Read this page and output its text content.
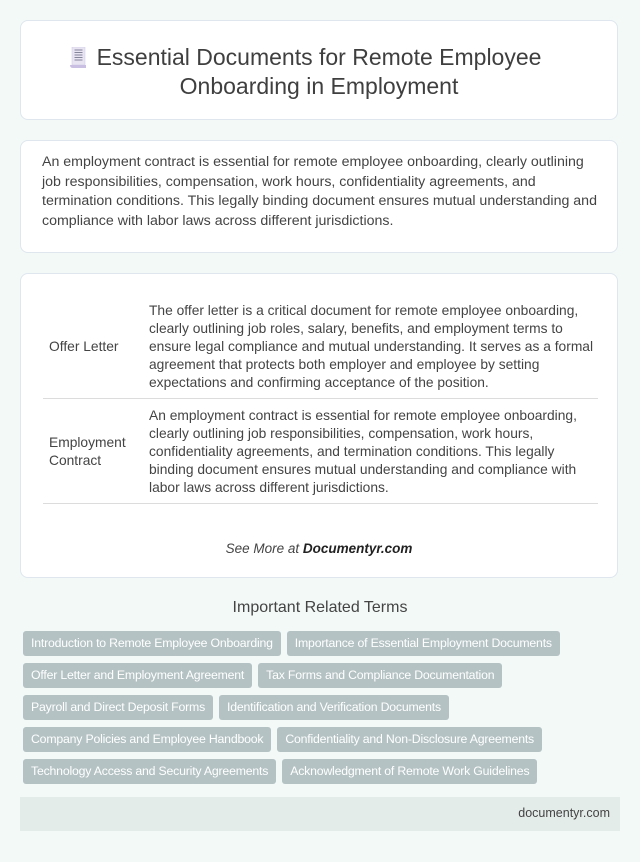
Essential Documents for Remote Employee
Onboarding in Employment
An employment contract is essential for remote employee onboarding, clearly outlining job responsibilities, compensation, work hours, confidentiality agreements, and termination conditions. This legally binding document ensures mutual understanding and compliance with labor laws across different jurisdictions.
Offer Letter	The offer letter is a critical document for remote employee onboarding, clearly outlining job roles, salary, benefits, and employment terms to ensure legal compliance and mutual understanding. It serves as a formal agreement that protects both employer and employee by setting expectations and confirming acceptance of the position.
Employment Contract	An employment contract is essential for remote employee onboarding, clearly outlining job responsibilities, compensation, work hours, confidentiality agreements, and termination conditions. This legally binding document ensures mutual understanding and compliance with labor laws across different jurisdictions.
See More at Documentyr.com
Important Related Terms
Introduction to Remote Employee Onboarding Importance of Essential Employment Documents
Offer Letter and Employment Agreement Tax Forms and Compliance Documentation
Payroll and Direct Deposit Forms Identification and Verification Documents
Company Policies and Employee Handbook Confidentiality and Non-Disclosure Agreements
Technology Access and Security Agreements Acknowledgment of Remote Work Guidelines
documentyr.com
